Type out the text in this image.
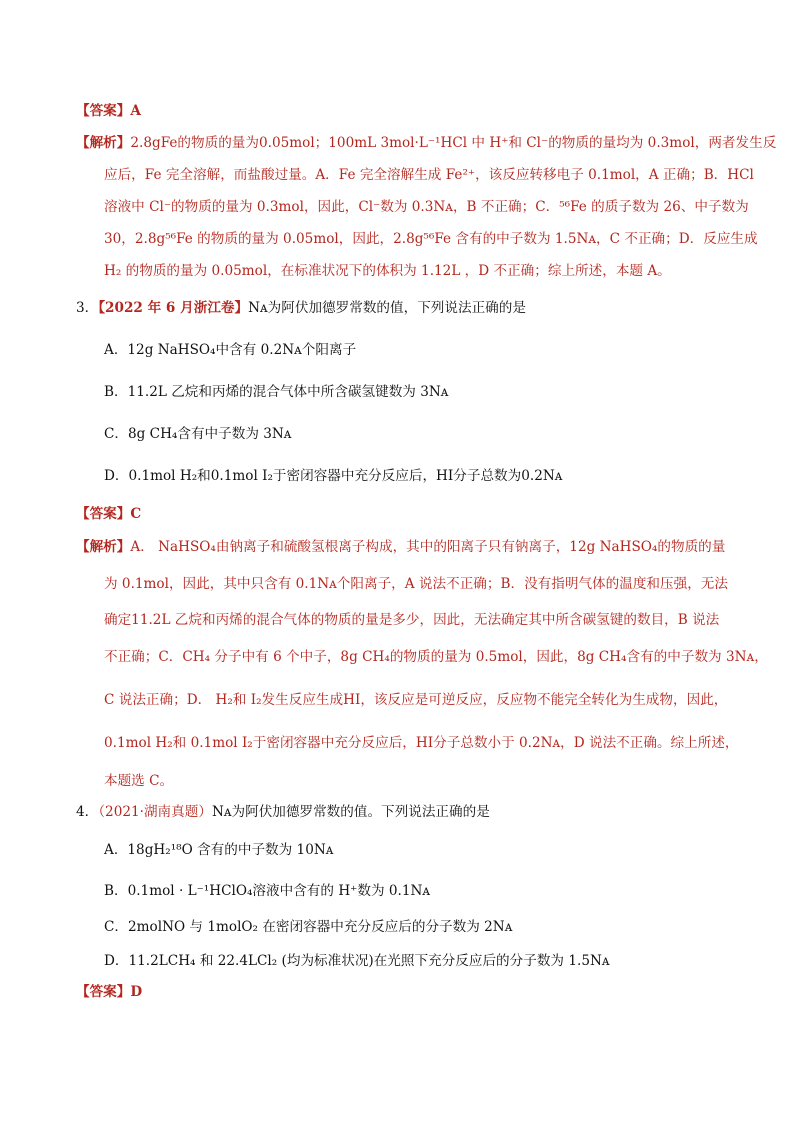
【答案】A
【解析】2.8gFe的物质的量为0.05mol；100mL 3mol·L⁻¹HCl 中 H⁺和 Cl⁻的物质的量均为 0.3mol，两者发生反
应后，Fe 完全溶解，而盐酸过量。A．Fe 完全溶解生成 Fe²⁺，该反应转移电子 0.1mol，A 正确；B．HCl
溶液中 Cl⁻的物质的量为 0.3mol，因此，Cl⁻数为 0.3Nᴀ，B 不正确；C．⁵⁶Fe 的质子数为 26、中子数为
30，2.8g⁵⁶Fe 的物质的量为 0.05mol，因此，2.8g⁵⁶Fe 含有的中子数为 1.5Nᴀ，C 不正确；D．反应生成
H₂ 的物质的量为 0.05mol，在标准状况下的体积为 1.12L ，D 不正确；综上所述，本题 A。
3．【2022 年 6 月浙江卷】Nᴀ为阿伏加德罗常数的值，下列说法正确的是
A．12g NaHSO₄中含有 0.2Nᴀ个阳离子
B．11.2L 乙烷和丙烯的混合气体中所含碳氢键数为 3Nᴀ
C．8g CH₄含有中子数为 3Nᴀ
D．0.1mol H₂和0.1mol I₂于密闭容器中充分反应后，HI分子总数为0.2Nᴀ
【答案】C
【解析】A． NaHSO₄由钠离子和硫酸氢根离子构成，其中的阳离子只有钠离子，12g NaHSO₄的物质的量
为 0.1mol，因此，其中只含有 0.1Nᴀ个阳离子，A 说法不正确；B．没有指明气体的温度和压强，无法
确定11.2L 乙烷和丙烯的混合气体的物质的量是多少，因此，无法确定其中所含碳氢键的数目，B 说法
不正确；C．CH₄ 分子中有 6 个中子，8g CH₄的物质的量为 0.5mol，因此，8g CH₄含有的中子数为 3Nᴀ，
C 说法正确；D． H₂和 I₂发生反应生成HI，该反应是可逆反应，反应物不能完全转化为生成物，因此，
0.1mol H₂和 0.1mol I₂于密闭容器中充分反应后，HI分子总数小于 0.2Nᴀ，D 说法不正确。综上所述，
本题选 C。
4．（2021·湖南真题）Nᴀ为阿伏加德罗常数的值。下列说法正确的是
A．18gH₂¹⁸O 含有的中子数为 10Nᴀ
B．0.1mol · L⁻¹HClO₄溶液中含有的 H⁺数为 0.1Nᴀ
C．2molNO 与 1molO₂ 在密闭容器中充分反应后的分子数为 2Nᴀ
D．11.2LCH₄ 和 22.4LCl₂ (均为标准状况)在光照下充分反应后的分子数为 1.5Nᴀ
【答案】D
